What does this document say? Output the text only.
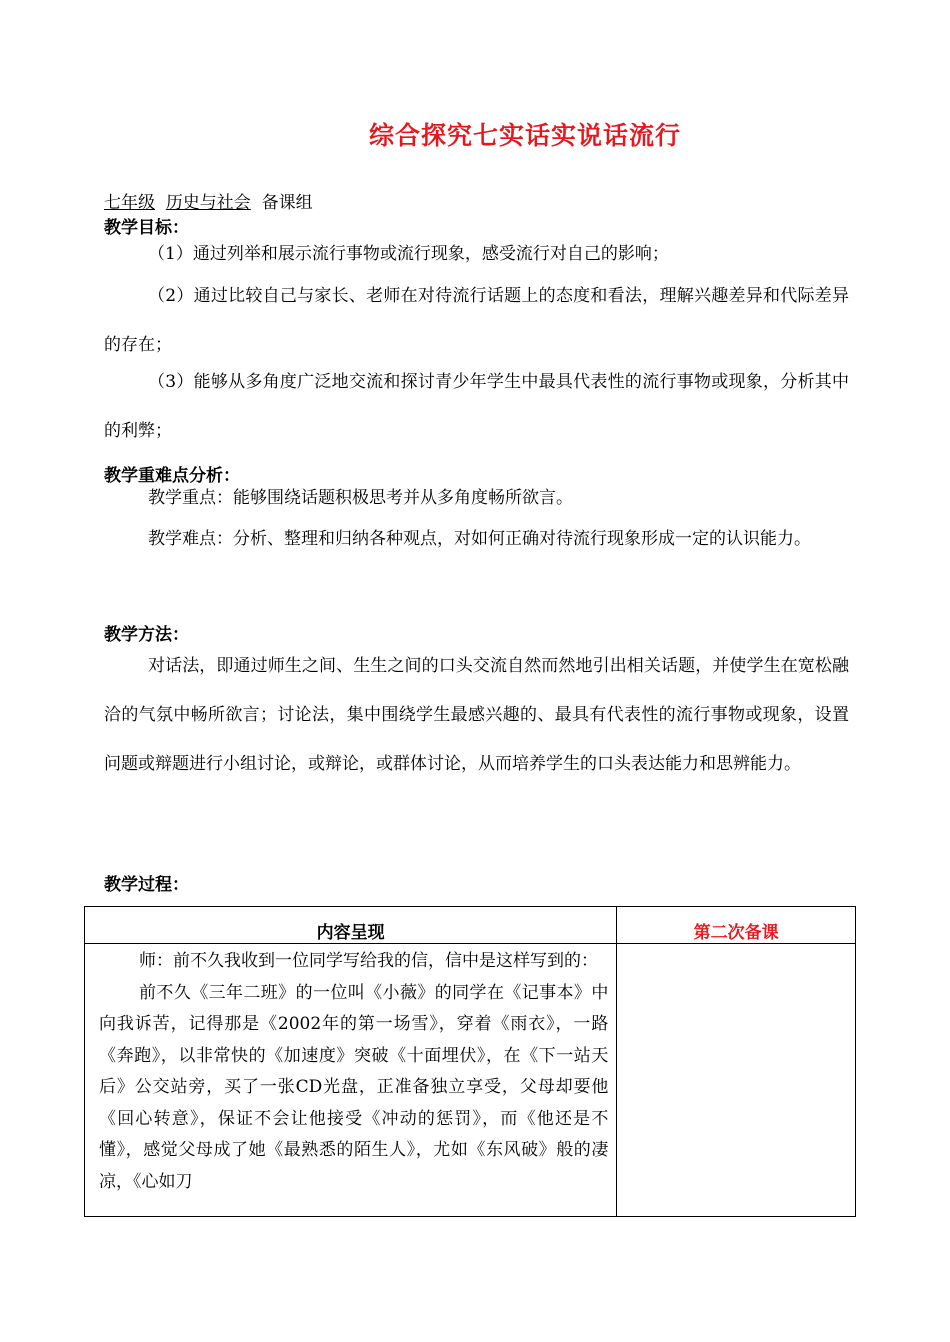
综合探究七实话实说话流行
七年级 历史与社会 备课组
教学目标：

（1）通过列举和展示流行事物或流行现象，感受流行对自己的影响；

（2）通过比较自己与家长、老师在对待流行话题上的态度和看法，理解兴趣差异和代际差异的存在；

（3）能够从多角度广泛地交流和探讨青少年学生中最具代表性的流行事物或现象，分析其中的利弊；

教学重难点分析：

教学重点：能够围绕话题积极思考并从多角度畅所欲言。

教学难点：分析、整理和归纳各种观点，对如何正确对待流行现象形成一定的认识能力。

教学方法：

对话法，即通过师生之间、生生之间的口头交流自然而然地引出相关话题，并使学生在宽松融洽的气氛中畅所欲言；讨论法，集中围绕学生最感兴趣的、最具有代表性的流行事物或现象，设置问题或辩题进行小组讨论，或辩论，或群体讨论，从而培养学生的口头表达能力和思辨能力。

教学过程：
内容呈现	第二次备课

师：前不久我收到一位同学写给我的信，信中是这样写到的：

前不久《三年二班》的一位叫《小薇》的同学在《记事本》中向我诉苦，记得那是《2002年的第一场雪》，穿着《雨衣》，一路《奔跑》，以非常快的《加速度》突破《十面埋伏》，在《下一站天后》公交站旁，买了一张CD光盘，正准备独立享受，父母却要他《回心转意》，保证不会让他接受《冲动的惩罚》，而《他还是不懂》，感觉父母成了她《最熟悉的陌生人》，尤如《东风破》般的凄凉，《心如刀	
